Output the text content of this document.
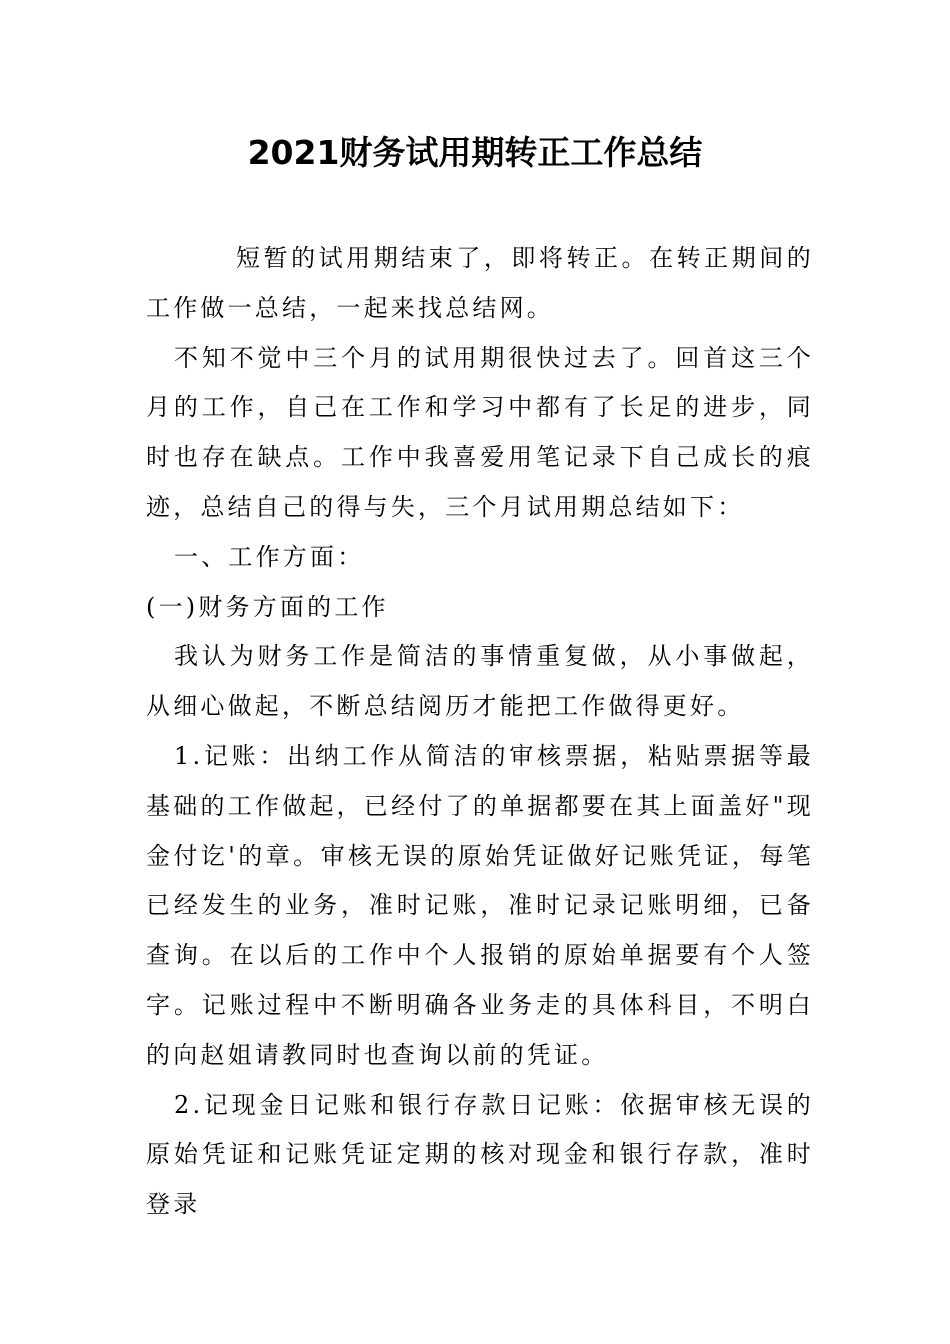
2021财务试用期转正工作总结

短暂的试用期结束了，即将转正。在转正期间的工作做一总结，一起来找总结网。

不知不觉中三个月的试用期很快过去了。回首这三个月的工作，自己在工作和学习中都有了长足的进步，同时也存在缺点。工作中我喜爱用笔记录下自己成长的痕迹，总结自己的得与失，三个月试用期总结如下：

一、工作方面：

(一)财务方面的工作

我认为财务工作是简洁的事情重复做，从小事做起，从细心做起，不断总结阅历才能把工作做得更好。

1.记账：出纳工作从简洁的审核票据，粘贴票据等最基础的工作做起，已经付了的单据都要在其上面盖好"现金付讫'的章。审核无误的原始凭证做好记账凭证，每笔已经发生的业务，准时记账，准时记录记账明细，已备查询。在以后的工作中个人报销的原始单据要有个人签字。记账过程中不断明确各业务走的具体科目，不明白的向赵姐请教同时也查询以前的凭证。

2.记现金日记账和银行存款日记账：依据审核无误的原始凭证和记账凭证定期的核对现金和银行存款，准时登录
